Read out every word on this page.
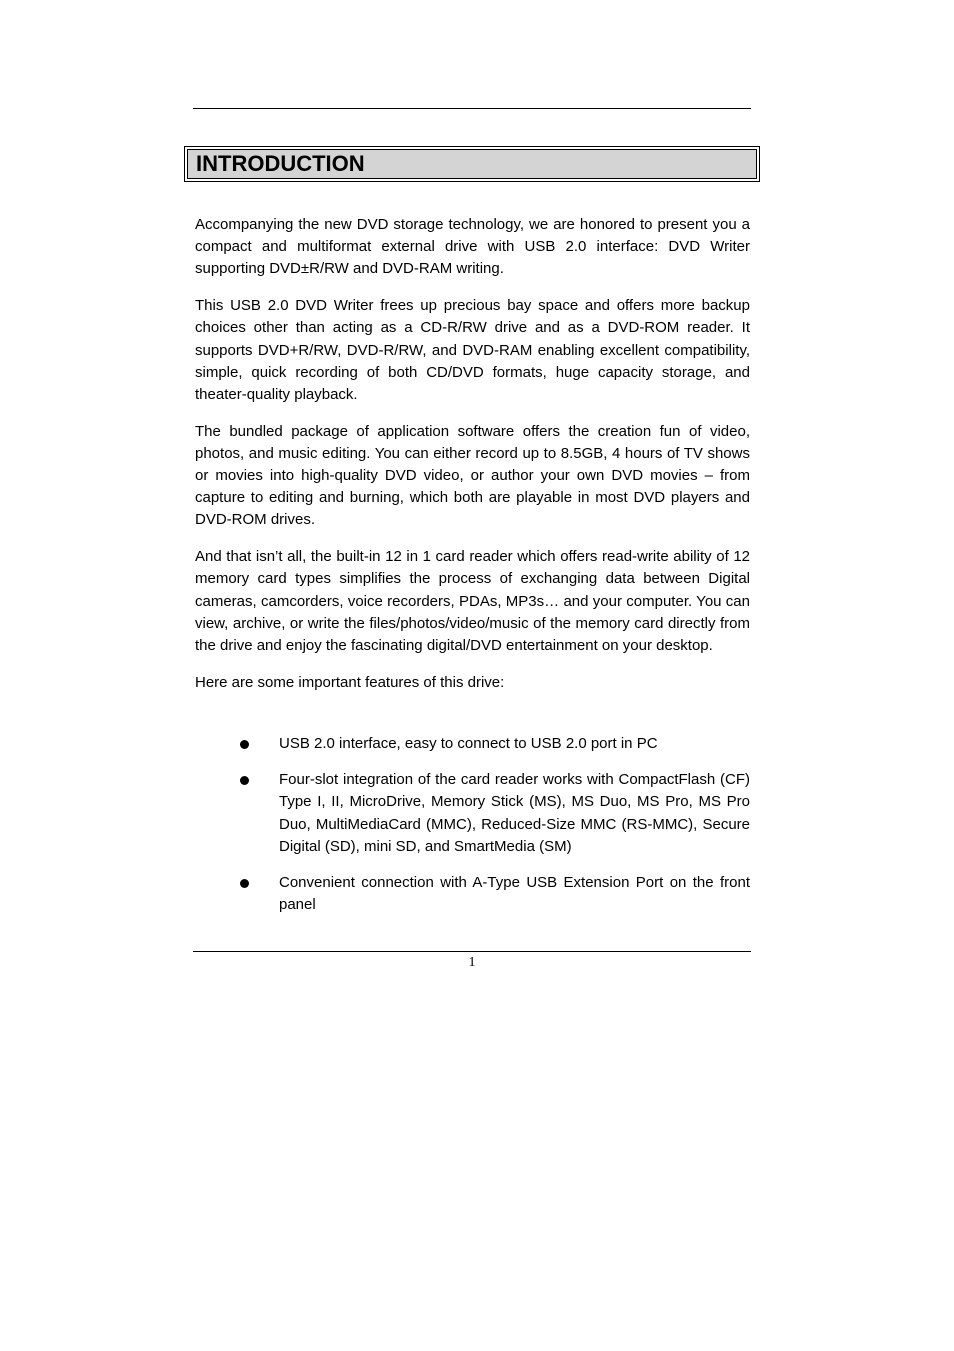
INTRODUCTION

Accompanying the new DVD storage technology, we are honored to present you a compact and multiformat external drive with USB 2.0 interface: DVD Writer supporting DVD±R/RW and DVD-RAM writing.

This USB 2.0 DVD Writer frees up precious bay space and offers more backup choices other than acting as a CD-R/RW drive and as a DVD-ROM reader. It supports DVD+R/RW, DVD-R/RW, and DVD-RAM enabling excellent compatibility, simple, quick recording of both CD/DVD formats, huge capacity storage, and theater-quality playback.

The bundled package of application software offers the creation fun of video, photos, and music editing. You can either record up to 8.5GB, 4 hours of TV shows or movies into high-quality DVD video, or author your own DVD movies – from capture to editing and burning, which both are playable in most DVD players and DVD-ROM drives.

And that isn’t all, the built-in 12 in 1 card reader which offers read-write ability of 12 memory card types simplifies the process of exchanging data between Digital cameras, camcorders, voice recorders, PDAs, MP3s… and your computer. You can view, archive, or write the files/photos/video/music of the memory card directly from the drive and enjoy the fascinating digital/DVD entertainment on your desktop.

Here are some important features of this drive:

USB 2.0 interface, easy to connect to USB 2.0 port in PC
Four-slot integration of the card reader works with CompactFlash (CF) Type I, II, MicroDrive, Memory Stick (MS), MS Duo, MS Pro, MS Pro Duo, MultiMediaCard (MMC), Reduced-Size MMC (RS-MMC), Secure Digital (SD), mini SD, and SmartMedia (SM)
Convenient connection with A-Type USB Extension Port on the front panel
1
